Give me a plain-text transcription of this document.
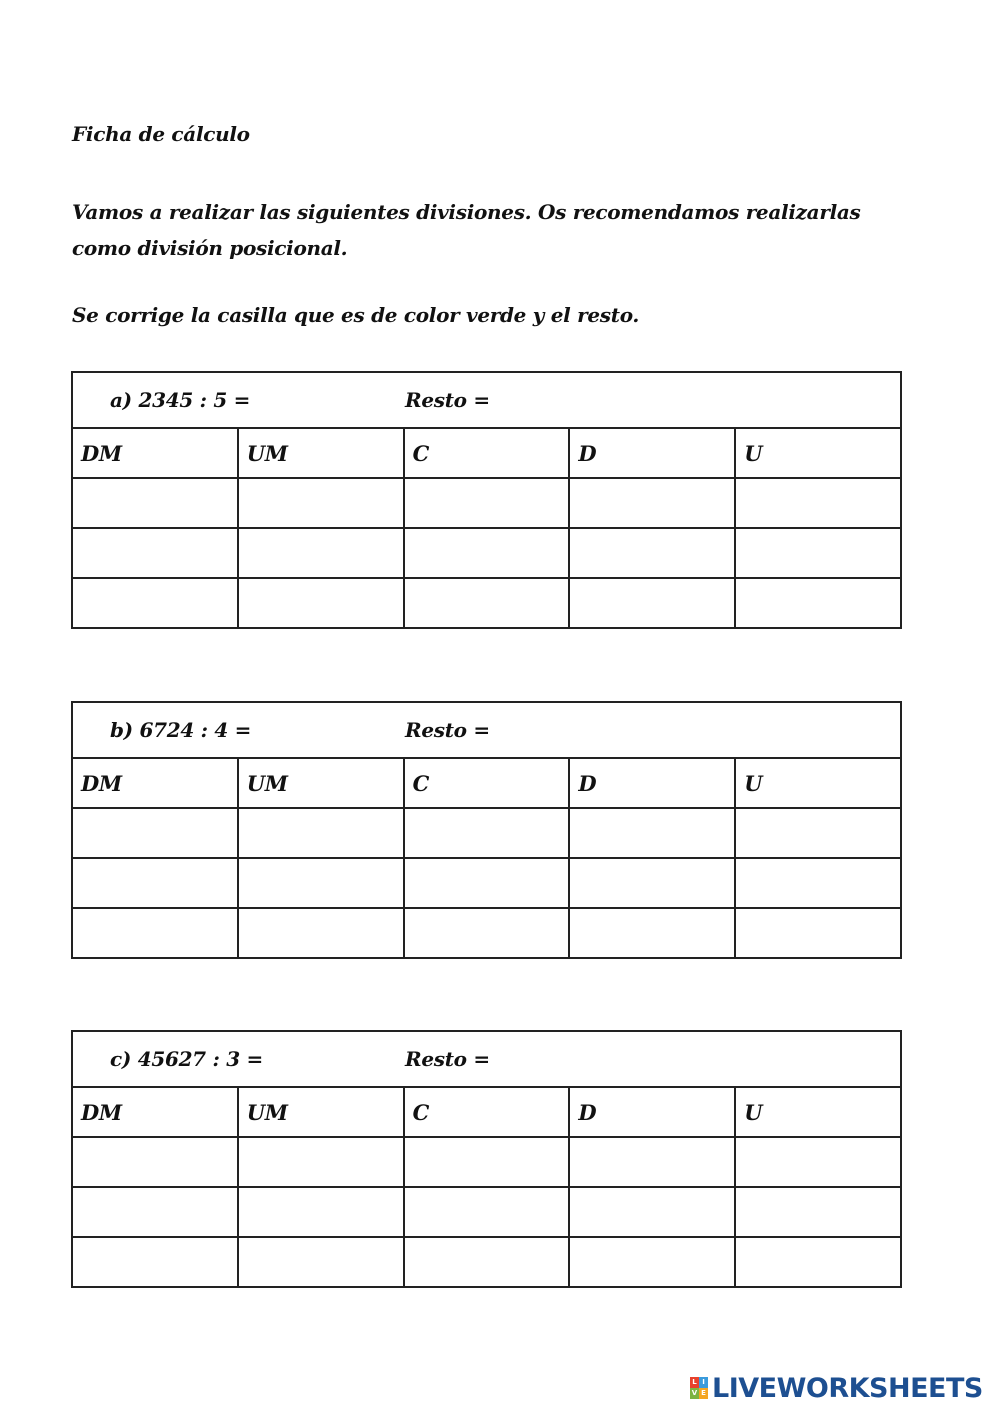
Ficha de cálculo

Vamos a realizar las siguientes divisiones. Os recomendamos realizarlas como división posicional.

Se corrige la casilla que es de color verde y el resto.

a) 2345 : 5 = Resto =				
DM	UM	C	D	U

b) 6724 : 4 = Resto =				
DM	UM	C	D	U

c) 45627 : 3 = Resto =				
DM	UM	C	D	U

L I
V E LIVEWORKSHEETS
